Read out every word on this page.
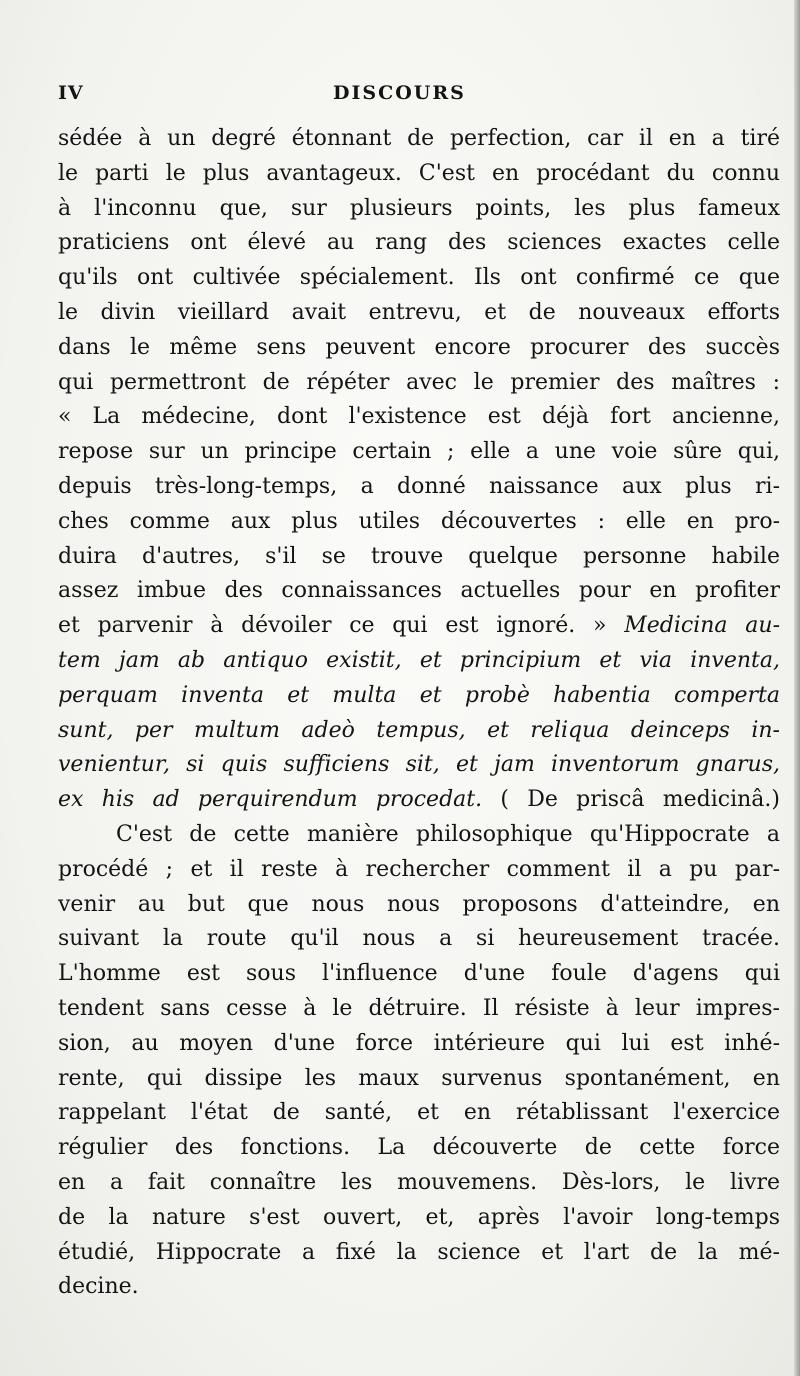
IV	DISCOURS
sédée à un degré étonnant de perfection, car il en a tiré
le parti le plus avantageux. C'est en procédant du connu
à l'inconnu que, sur plusieurs points, les plus fameux
praticiens ont élevé au rang des sciences exactes celle
qu'ils ont cultivée spécialement. Ils ont confirmé ce que
le divin vieillard avait entrevu, et de nouveaux efforts
dans le même sens peuvent encore procurer des succès
qui permettront de répéter avec le premier des maîtres :
« La médecine, dont l'existence est déjà fort ancienne,
repose sur un principe certain ; elle a une voie sûre qui,
depuis très-long-temps, a donné naissance aux plus ri-
ches comme aux plus utiles découvertes : elle en pro-
duira d'autres, s'il se trouve quelque personne habile
assez imbue des connaissances actuelles pour en profiter
et parvenir à dévoiler ce qui est ignoré. » Medicina au-
tem jam ab antiquo existit, et principium et via inventa,
perquam inventa et multa et probè habentia comperta
sunt, per multum adeò tempus, et reliqua deinceps in-
venientur, si quis sufficiens sit, et jam inventorum gnarus,
ex his ad perquirendum procedat. ( De priscâ medicinâ.)
C'est de cette manière philosophique qu'Hippocrate a
procédé ; et il reste à rechercher comment il a pu par-
venir au but que nous nous proposons d'atteindre, en
suivant la route qu'il nous a si heureusement tracée.
L'homme est sous l'influence d'une foule d'agens qui
tendent sans cesse à le détruire. Il résiste à leur impres-
sion, au moyen d'une force intérieure qui lui est inhé-
rente, qui dissipe les maux survenus spontanément, en
rappelant l'état de santé, et en rétablissant l'exercice
régulier des fonctions. La découverte de cette force
en a fait connaître les mouvemens. Dès-lors, le livre
de la nature s'est ouvert, et, après l'avoir long-temps
étudié, Hippocrate a fixé la science et l'art de la mé-
decine.
